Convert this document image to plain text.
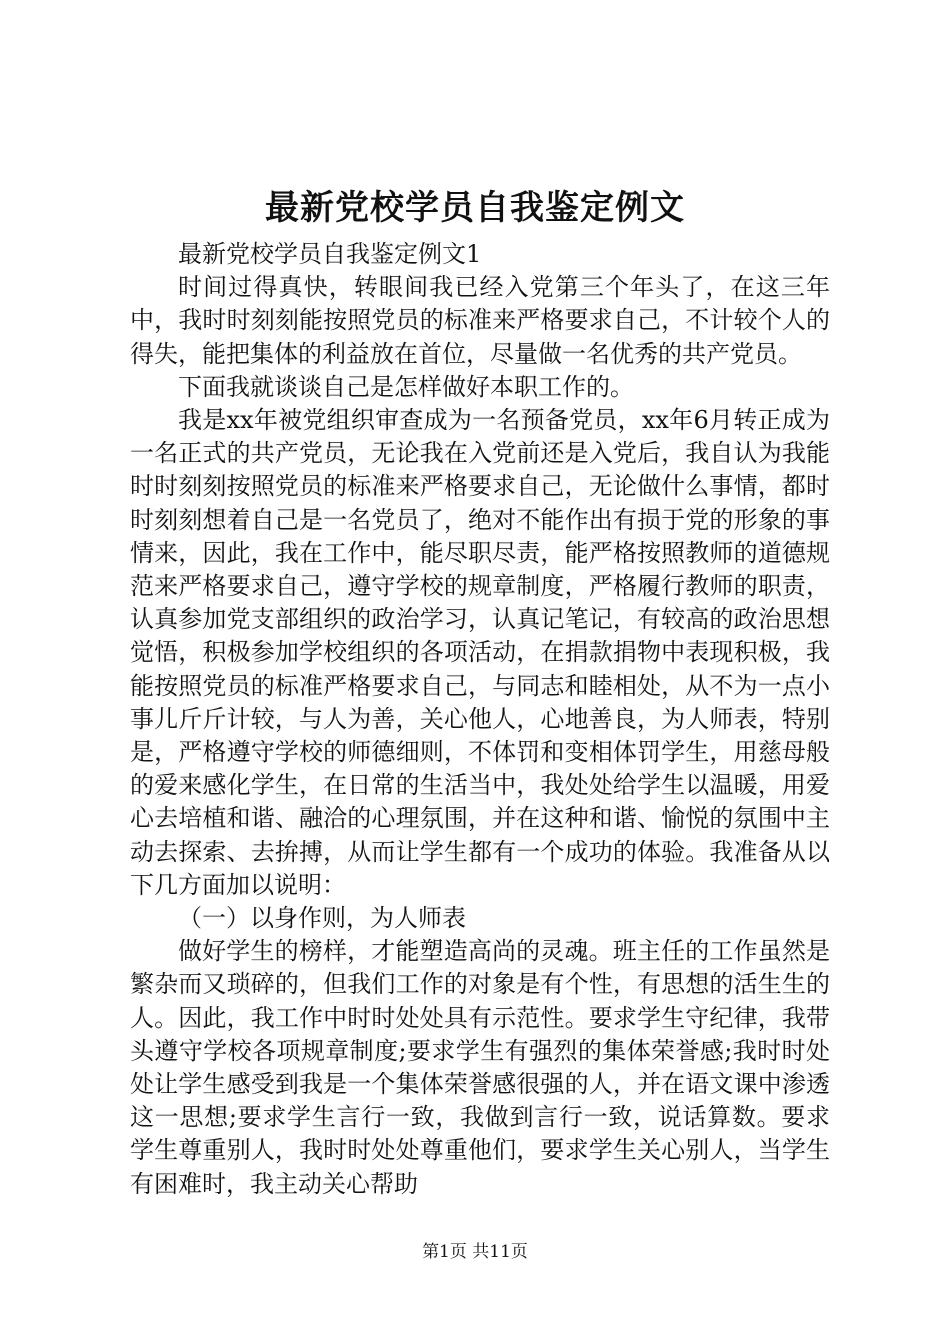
最新党校学员自我鉴定例文

最新党校学员自我鉴定例文1

时间过得真快，转眼间我已经入党第三个年头了，在这三年中，我时时刻刻能按照党员的标准来严格要求自己，不计较个人的得失，能把集体的利益放在首位，尽量做一名优秀的共产党员。

下面我就谈谈自己是怎样做好本职工作的。

我是xx年被党组织审查成为一名预备党员，xx年6月转正成为一名正式的共产党员，无论我在入党前还是入党后，我自认为我能时时刻刻按照党员的标准来严格要求自己，无论做什么事情，都时时刻刻想着自己是一名党员了，绝对不能作出有损于党的形象的事情来，因此，我在工作中，能尽职尽责，能严格按照教师的道德规范来严格要求自己，遵守学校的规章制度，严格履行教师的职责，认真参加党支部组织的政治学习，认真记笔记，有较高的政治思想觉悟，积极参加学校组织的各项活动，在捐款捐物中表现积极，我能按照党员的标准严格要求自己，与同志和睦相处，从不为一点小事儿斤斤计较，与人为善，关心他人，心地善良，为人师表，特别是，严格遵守学校的师德细则，不体罚和变相体罚学生，用慈母般的爱来感化学生，在日常的生活当中，我处处给学生以温暖，用爱心去培植和谐、融洽的心理氛围，并在这种和谐、愉悦的氛围中主动去探索、去拚搏，从而让学生都有一个成功的体验。我准备从以下几方面加以说明：

（一）以身作则，为人师表

做好学生的榜样，才能塑造高尚的灵魂。班主任的工作虽然是繁杂而又琐碎的，但我们工作的对象是有个性，有思想的活生生的人。因此，我工作中时时处处具有示范性。要求学生守纪律，我带头遵守学校各项规章制度;要求学生有强烈的集体荣誉感;我时时处处让学生感受到我是一个集体荣誉感很强的人，并在语文课中渗透这一思想;要求学生言行一致，我做到言行一致，说话算数。要求学生尊重别人，我时时处处尊重他们，要求学生关心别人，当学生有困难时，我主动关心帮助

第1页 共11页
